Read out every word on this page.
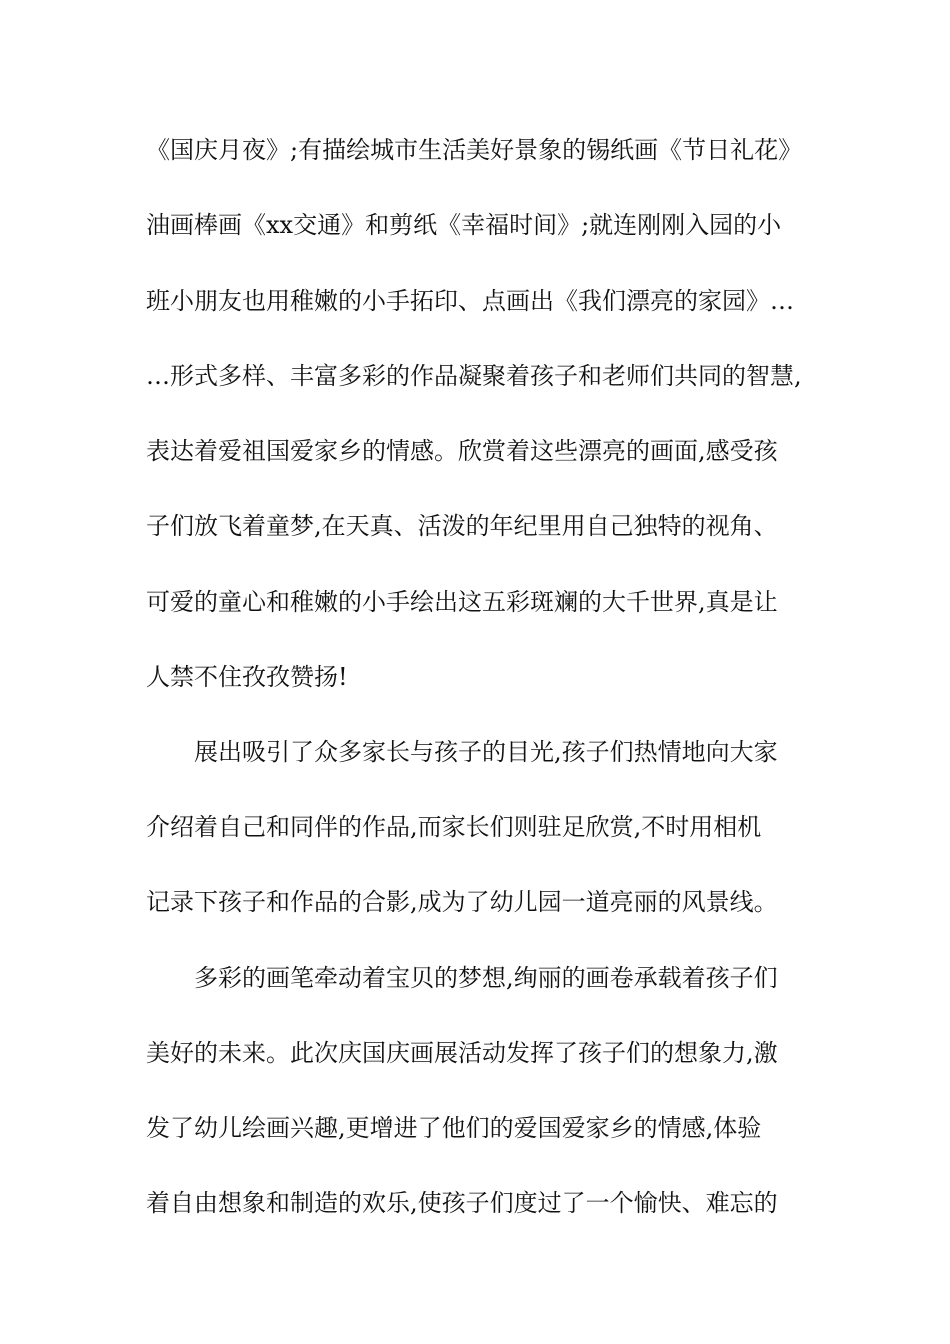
《国庆月夜》;有描绘城市生活美好景象的锡纸画《节日礼花》
油画棒画《xx交通》和剪纸《幸福时间》;就连刚刚入园的小
班小朋友也用稚嫩的小手拓印、点画出《我们漂亮的家园》…
…形式多样、丰富多彩的作品凝聚着孩子和老师们共同的智慧,
表达着爱祖国爱家乡的情感。欣赏着这些漂亮的画面,感受孩
子们放飞着童梦,在天真、活泼的年纪里用自己独特的视角、
可爱的童心和稚嫩的小手绘出这五彩斑斓的大千世界,真是让
人禁不住孜孜赞扬!
展出吸引了众多家长与孩子的目光,孩子们热情地向大家
介绍着自己和同伴的作品,而家长们则驻足欣赏,不时用相机
记录下孩子和作品的合影,成为了幼儿园一道亮丽的风景线。
多彩的画笔牵动着宝贝的梦想,绚丽的画卷承载着孩子们
美好的未来。此次庆国庆画展活动发挥了孩子们的想象力,激
发了幼儿绘画兴趣,更增进了他们的爱国爱家乡的情感,体验
着自由想象和制造的欢乐,使孩子们度过了一个愉快、难忘的
